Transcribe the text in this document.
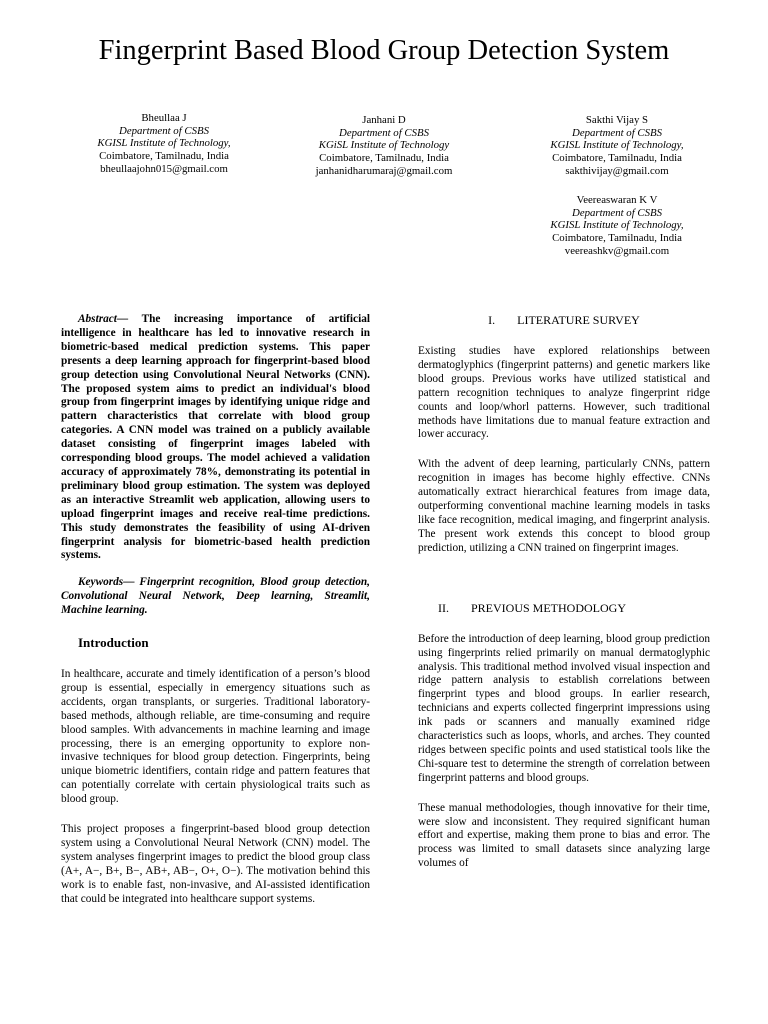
Fingerprint Based Blood Group Detection System
Bheullaa J
Department of CSBS
KGISL Institute of Technology,
Coimbatore, Tamilnadu, India
bheullaajohn015@gmail.com
Janhani D
Department of CSBS
KGiSL Institute of Technology
Coimbatore, Tamilnadu, India
janhanidharumaraj@gmail.com
Sakthi Vijay S
Department of CSBS
KGISL Institute of Technology,
Coimbatore, Tamilnadu, India
sakthivijay@gmail.com
Veereaswaran K V
Department of CSBS
KGISL Institute of Technology,
Coimbatore, Tamilnadu, India
veereashkv@gmail.com

Abstract— The increasing importance of artificial intelligence in healthcare has led to innovative research in biometric-based medical prediction systems. This paper presents a deep learning approach for fingerprint-based blood group detection using Convolutional Neural Networks (CNN). The proposed system aims to predict an individual's blood group from fingerprint images by identifying unique ridge and pattern characteristics that correlate with blood group categories. A CNN model was trained on a publicly available dataset consisting of fingerprint images labeled with corresponding blood groups. The model achieved a validation accuracy of approximately 78%, demonstrating its potential in preliminary blood group estimation. The system was deployed as an interactive Streamlit web application, allowing users to upload fingerprint images and receive real-time predictions. This study demonstrates the feasibility of using AI-driven fingerprint analysis for biometric-based health prediction systems.

Keywords— Fingerprint recognition, Blood group detection, Convolutional Neural Network, Deep learning, Streamlit, Machine learning.

Introduction

In healthcare, accurate and timely identification of a person’s blood group is essential, especially in emergency situations such as accidents, organ transplants, or surgeries. Traditional laboratory-based methods, although reliable, are time-consuming and require blood samples. With advancements in machine learning and image processing, there is an emerging opportunity to explore non-invasive techniques for blood group detection. Fingerprints, being unique biometric identifiers, contain ridge and pattern features that can potentially correlate with certain physiological traits such as blood group.

This project proposes a fingerprint-based blood group detection system using a Convolutional Neural Network (CNN) model. The system analyses fingerprint images to predict the blood group class (A+, A−, B+, B−, AB+, AB−, O+, O−). The motivation behind this work is to enable fast, non-invasive, and AI-assisted identification that could be integrated into healthcare support systems.

I. LITERATURE SURVEY

Existing studies have explored relationships between dermatoglyphics (fingerprint patterns) and genetic markers like blood groups. Previous works have utilized statistical and pattern recognition techniques to analyze fingerprint ridge counts and loop/whorl patterns. However, such traditional methods have limitations due to manual feature extraction and lower accuracy.

With the advent of deep learning, particularly CNNs, pattern recognition in images has become highly effective. CNNs automatically extract hierarchical features from image data, outperforming conventional machine learning models in tasks like face recognition, medical imaging, and fingerprint analysis. The present work extends this concept to blood group prediction, utilizing a CNN trained on fingerprint images.

II. PREVIOUS METHODOLOGY

Before the introduction of deep learning, blood group prediction using fingerprints relied primarily on manual dermatoglyphic analysis. This traditional method involved visual inspection and ridge pattern analysis to establish correlations between fingerprint types and blood groups. In earlier research, technicians and experts collected fingerprint impressions using ink pads or scanners and manually examined ridge characteristics such as loops, whorls, and arches. They counted ridges between specific points and used statistical tools like the Chi-square test to determine the strength of correlation between fingerprint patterns and blood groups.

These manual methodologies, though innovative for their time, were slow and inconsistent. They required significant human effort and expertise, making them prone to bias and error. The process was limited to small datasets since analyzing large volumes of
